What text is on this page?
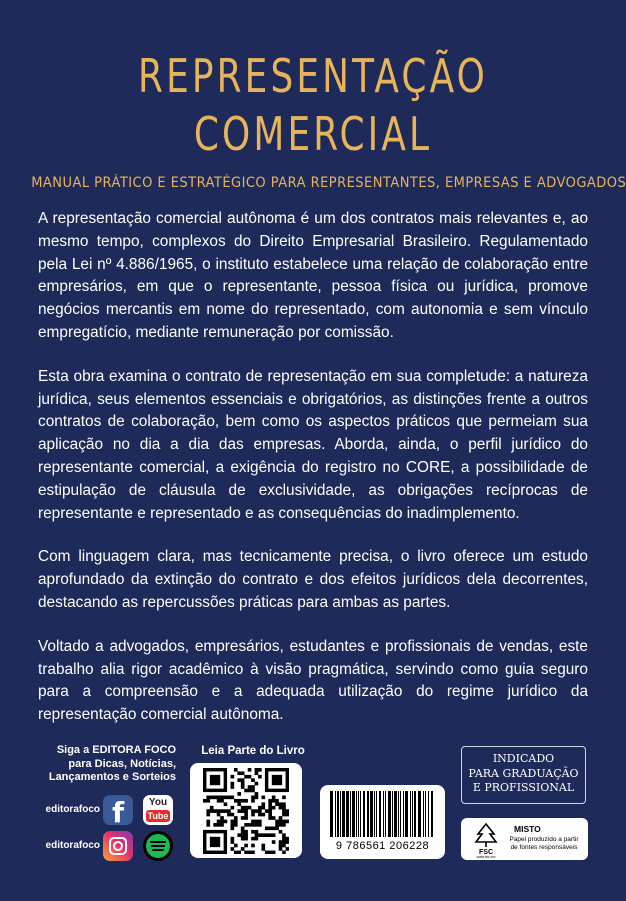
REPRESENTAÇÃO
COMERCIAL
MANUAL PRÁTICO E ESTRATÉGICO PARA REPRESENTANTES, EMPRESAS E ADVOGADOS

A representação comercial autônoma é um dos contratos mais relevantes e, ao mesmo tempo, complexos do Direito Empresarial Brasileiro. Regulamentado pela Lei nº 4.886/1965, o instituto estabelece uma relação de colaboração entre empresários, em que o representante, pessoa física ou jurídica, promove negócios mercantis em nome do representado, com autonomia e sem vínculo empregatício, mediante remuneração por comissão.

Esta obra examina o contrato de representação em sua completude: a natureza jurídica, seus elementos essenciais e obrigatórios, as distinções frente a outros contratos de colaboração, bem como os aspectos práticos que permeiam sua aplicação no dia a dia das empresas. Aborda, ainda, o perfil jurídico do representante comercial, a exigência do registro no CORE, a possibilidade de estipulação de cláusula de exclusividade, as obrigações recíprocas de representante e representado e as consequências do inadimplemento.

Com linguagem clara, mas tecnicamente precisa, o livro oferece um estudo aprofundado da extinção do contrato e dos efeitos jurídicos dela decorrentes, destacando as repercussões práticas para ambas as partes.

Voltado a advogados, empresários, estudantes e profissionais de vendas, este trabalho alia rigor acadêmico à visão pragmática, servindo como guia seguro para a compreensão e a adequada utilização do regime jurídico da representação comercial autônoma.

Siga a EDITORA FOCO
para Dicas, Notícias,
Lançamentos e Sorteios
editorafoco
editorafoco
f	You
Tube
Leia Parte do Livro
9 786561 206228
INDICADO
PARA GRADUAÇÃO
E PROFISSIONAL
FSC
www.fsc.org
MISTO
Papel produzido a partir de fontes responsáveis
